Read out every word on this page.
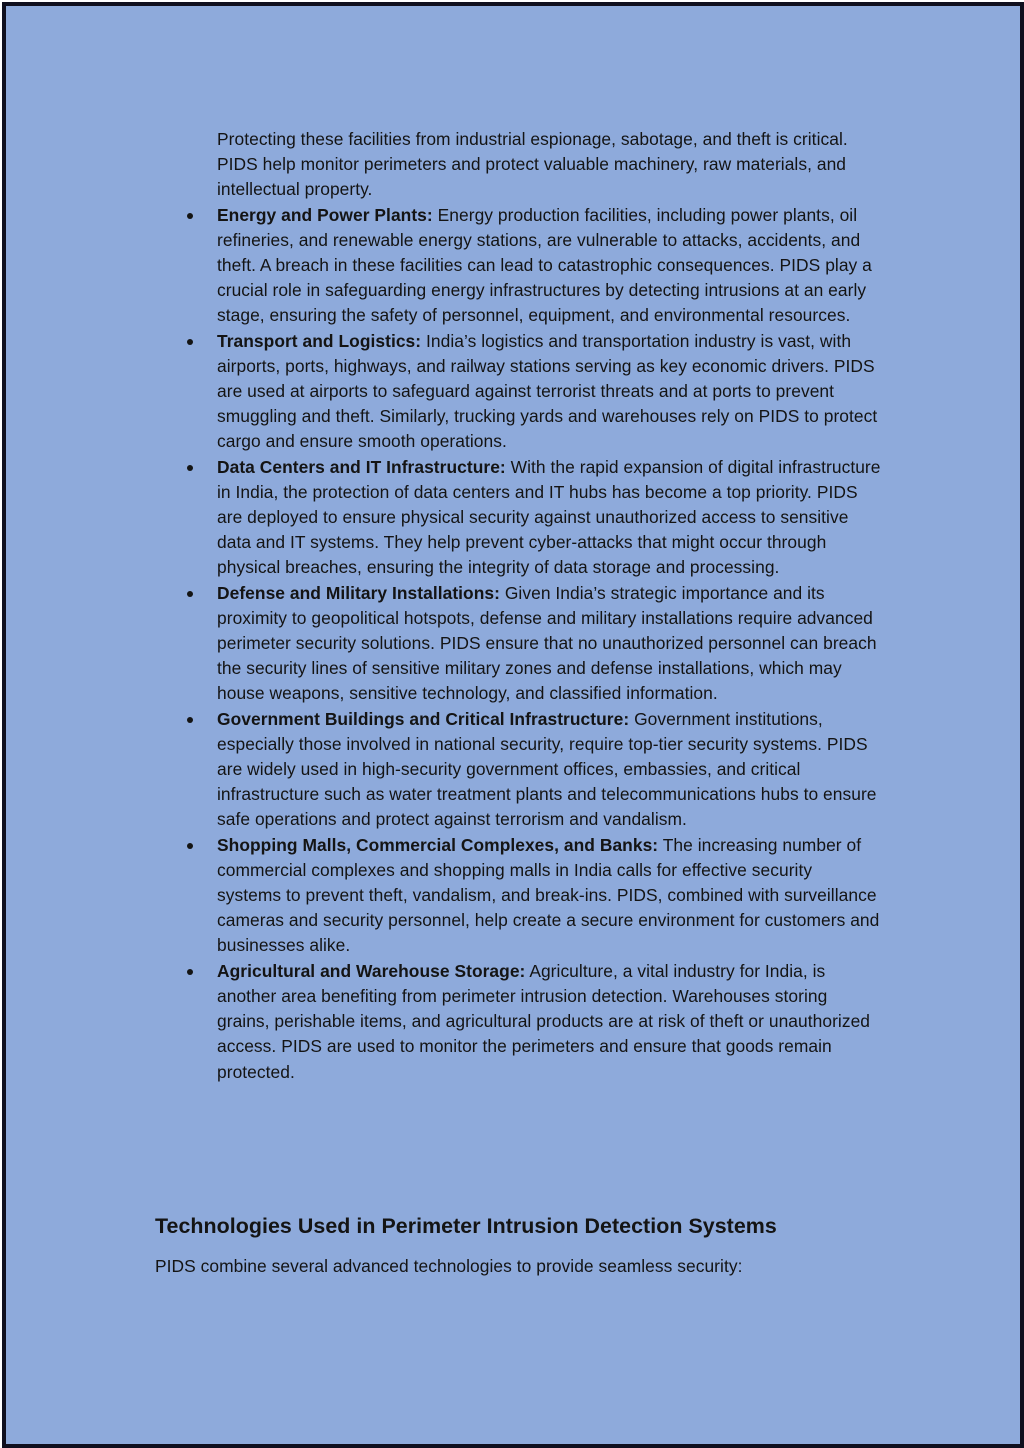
Protecting these facilities from industrial espionage, sabotage, and theft is critical. PIDS help monitor perimeters and protect valuable machinery, raw materials, and intellectual property.

Energy and Power Plants: Energy production facilities, including power plants, oil refineries, and renewable energy stations, are vulnerable to attacks, accidents, and theft. A breach in these facilities can lead to catastrophic consequences. PIDS play a crucial role in safeguarding energy infrastructures by detecting intrusions at an early stage, ensuring the safety of personnel, equipment, and environmental resources.
Transport and Logistics: India’s logistics and transportation industry is vast, with airports, ports, highways, and railway stations serving as key economic drivers. PIDS are used at airports to safeguard against terrorist threats and at ports to prevent smuggling and theft. Similarly, trucking yards and warehouses rely on PIDS to protect cargo and ensure smooth operations.
Data Centers and IT Infrastructure: With the rapid expansion of digital infrastructure in India, the protection of data centers and IT hubs has become a top priority. PIDS are deployed to ensure physical security against unauthorized access to sensitive data and IT systems. They help prevent cyber-attacks that might occur through physical breaches, ensuring the integrity of data storage and processing.
Defense and Military Installations: Given India’s strategic importance and its proximity to geopolitical hotspots, defense and military installations require advanced perimeter security solutions. PIDS ensure that no unauthorized personnel can breach the security lines of sensitive military zones and defense installations, which may house weapons, sensitive technology, and classified information.
Government Buildings and Critical Infrastructure: Government institutions, especially those involved in national security, require top-tier security systems. PIDS are widely used in high-security government offices, embassies, and critical infrastructure such as water treatment plants and telecommunications hubs to ensure safe operations and protect against terrorism and vandalism.
Shopping Malls, Commercial Complexes, and Banks: The increasing number of commercial complexes and shopping malls in India calls for effective security systems to prevent theft, vandalism, and break-ins. PIDS, combined with surveillance cameras and security personnel, help create a secure environment for customers and businesses alike.
Agricultural and Warehouse Storage: Agriculture, a vital industry for India, is another area benefiting from perimeter intrusion detection. Warehouses storing grains, perishable items, and agricultural products are at risk of theft or unauthorized access. PIDS are used to monitor the perimeters and ensure that goods remain protected.
Technologies Used in Perimeter Intrusion Detection Systems

PIDS combine several advanced technologies to provide seamless security:
